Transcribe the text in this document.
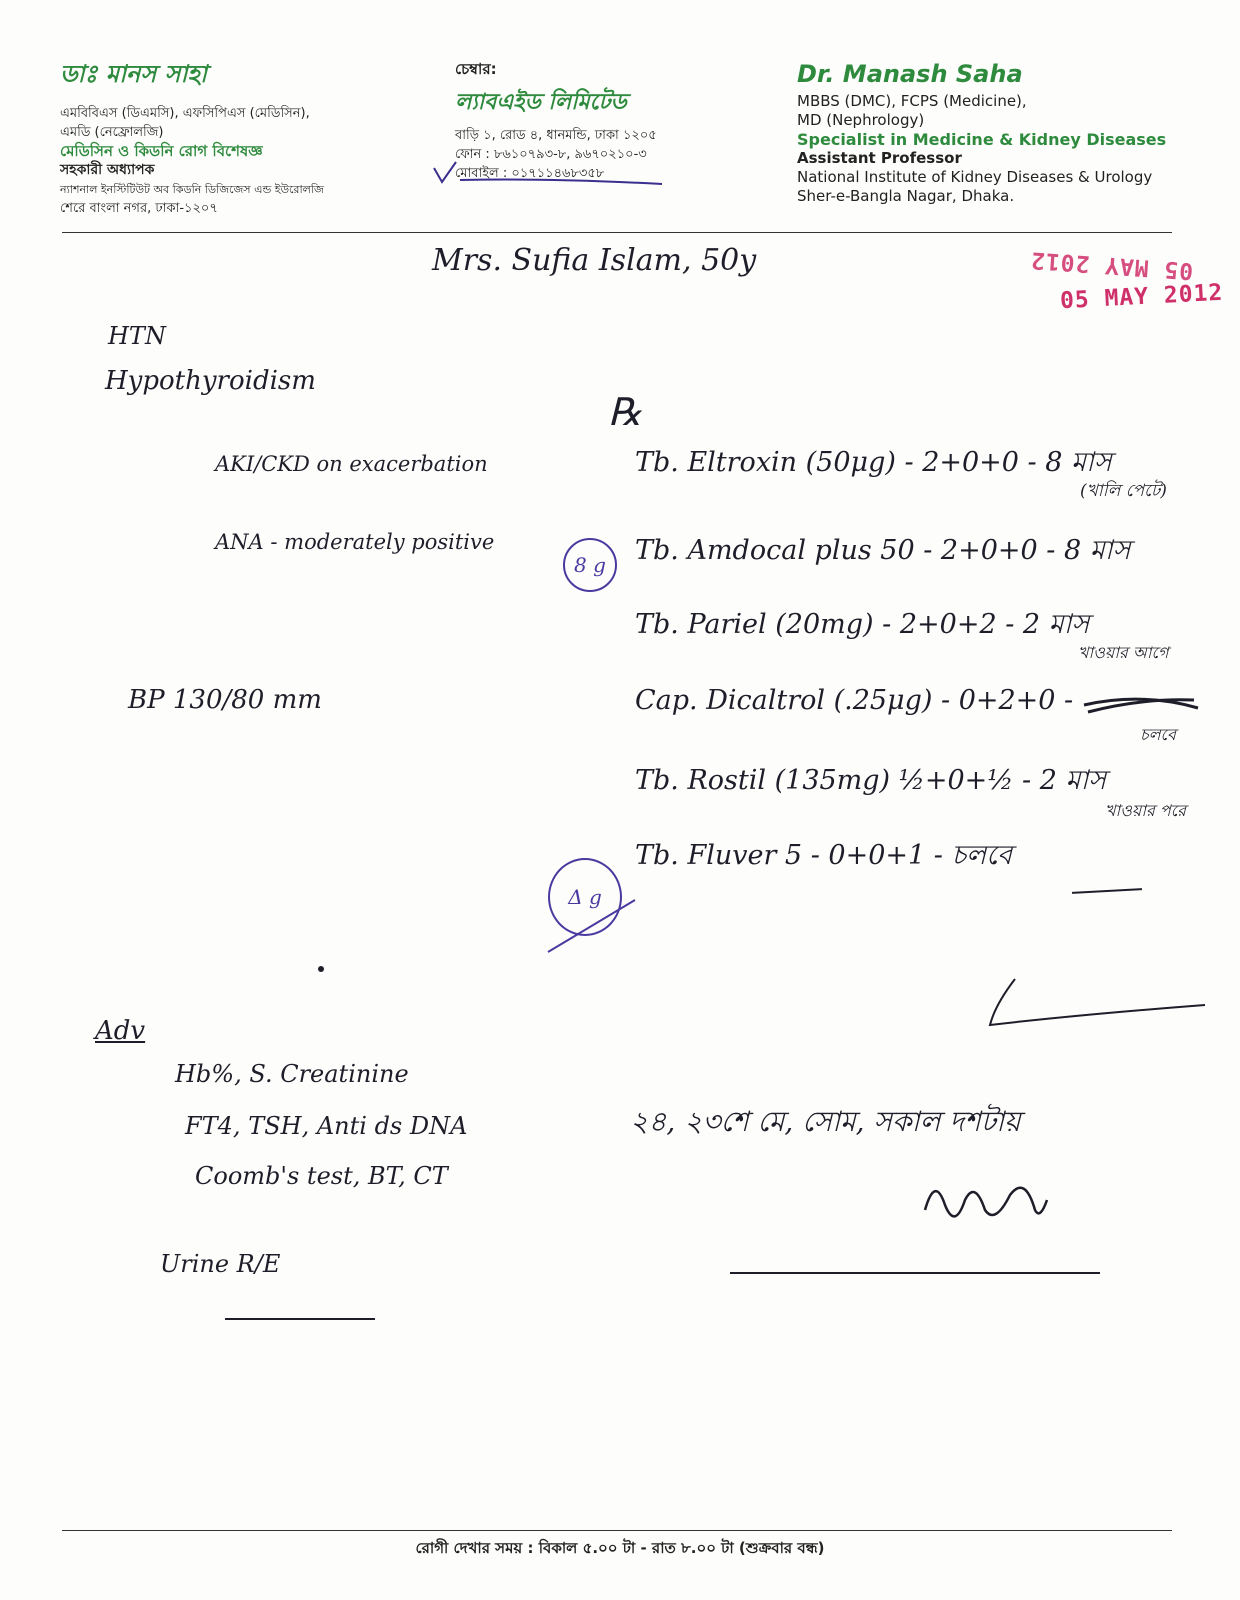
ডাঃ মানস সাহা

এমবিবিএস (ডিএমসি), এফসিপিএস (মেডিসিন),

এমডি (নেফ্রোলজি)

মেডিসিন ও কিডনি রোগ বিশেষজ্ঞ

সহকারী অধ্যাপক

ন্যাশনাল ইনস্টিটিউট অব কিডনি ডিজিজেস এন্ড ইউরোলজি

শেরে বাংলা নগর, ঢাকা-১২০৭

চেম্বার:
ল্যাবএইড লিমিটেড

বাড়ি ১, রোড ৪, ধানমন্ডি, ঢাকা ১২০৫

ফোন : ৮৬১০৭৯৩-৮, ৯৬৭০২১০-৩

মোবাইল : ০১৭১১৪৬৮৩৫৮

Dr. Manash Saha

MBBS (DMC), FCPS (Medicine),

MD (Nephrology)

Specialist in Medicine & Kidney Diseases

Assistant Professor

National Institute of Kidney Diseases & Urology

Sher-e-Bangla Nagar, Dhaka.

Mrs. Sufia Islam, 50y	05 MAY 2012
05 MAY 2012
HTN
Hypothyroidism
AKI/CKD on exacerbation
ANA - moderately positive
BP 130/80 mm
℞
8 g
Δ g
Tb. Eltroxin (50μg) - 2+0+0 - 8 মাস
(খালি পেটে)
Tb. Amdocal plus 50 - 2+0+0 - 8 মাস
Tb. Pariel (20mg) - 2+0+2 - 2 মাস
খাওয়ার আগে
Cap. Dicaltrol (.25μg) - 0+2+0 -
চলবে
Tb. Rostil (135mg) ½+0+½ - 2 মাস
খাওয়ার পরে
Tb. Fluver 5 - 0+0+1 - চলবে
Adv
Hb%, S. Creatinine
FT4, TSH, Anti ds DNA
Coomb's test, BT, CT
Urine R/E
২৪, ২৩শে মে, সোম, সকাল দশটায়
রোগী দেখার সময় : বিকাল ৫.০০ টা - রাত ৮.০০ টা (শুক্রবার বন্ধ)
